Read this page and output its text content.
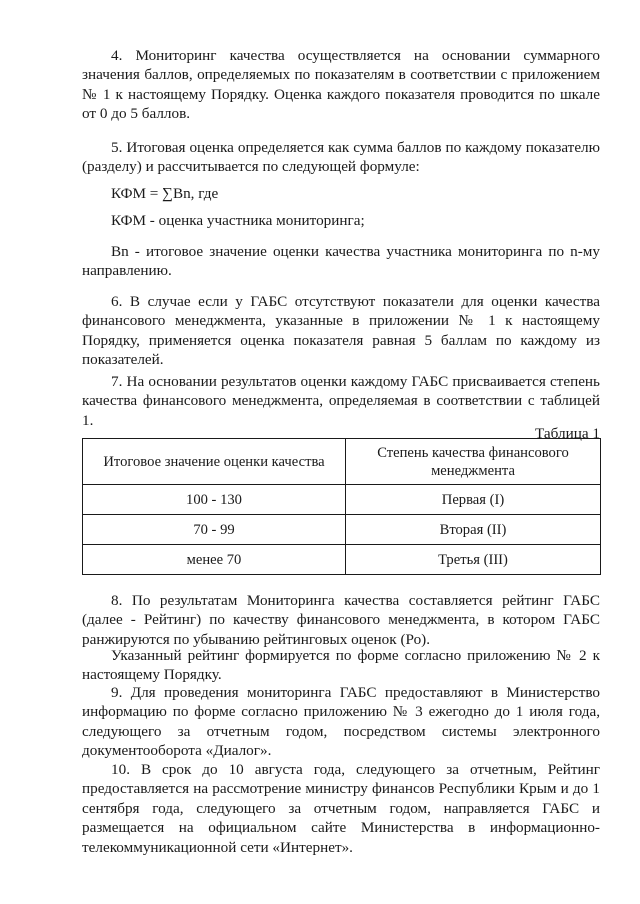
4. Мониторинг качества осуществляется на основании суммарного значения баллов, определяемых по показателям в соответствии с приложением № 1 к настоящему Порядку. Оценка каждого показателя проводится по шкале от 0 до 5 баллов.

5. Итоговая оценка определяется как сумма баллов по каждому показателю (разделу) и рассчитывается по следующей формуле:

КФМ = ∑Bn, где

КФМ - оценка участника мониторинга;

Bn - итоговое значение оценки качества участника мониторинга по n-му направлению.

6. В случае если у ГАБС отсутствуют показатели для оценки качества финансового менеджмента, указанные в приложении № 1 к настоящему Порядку, применяется оценка показателя равная 5 баллам по каждому из показателей.

7. На основании результатов оценки каждому ГАБС присваивается степень качества финансового менеджмента, определяемая в соответствии с таблицей 1.

Таблица 1
Итоговое значение оценки качества	Степень качества финансового менеджмента
100 - 130	Первая (I)
70 - 99	Вторая (II)
менее 70	Третья (III)

8. По результатам Мониторинга качества составляется рейтинг ГАБС (далее - Рейтинг) по качеству финансового менеджмента, в котором ГАБС ранжируются по убыванию рейтинговых оценок (Ро).

Указанный рейтинг формируется по форме согласно приложению № 2 к настоящему Порядку.

9. Для проведения мониторинга ГАБС предоставляют в Министерство информацию по форме согласно приложению № 3 ежегодно до 1 июля года, следующего за отчетным годом, посредством системы электронного документооборота «Диалог».

10. В срок до 10 августа года, следующего за отчетным, Рейтинг предоставляется на рассмотрение министру финансов Республики Крым и до 1 сентября года, следующего за отчетным годом, направляется ГАБС и размещается на официальном сайте Министерства в информационно-телекоммуникационной сети «Интернет».
